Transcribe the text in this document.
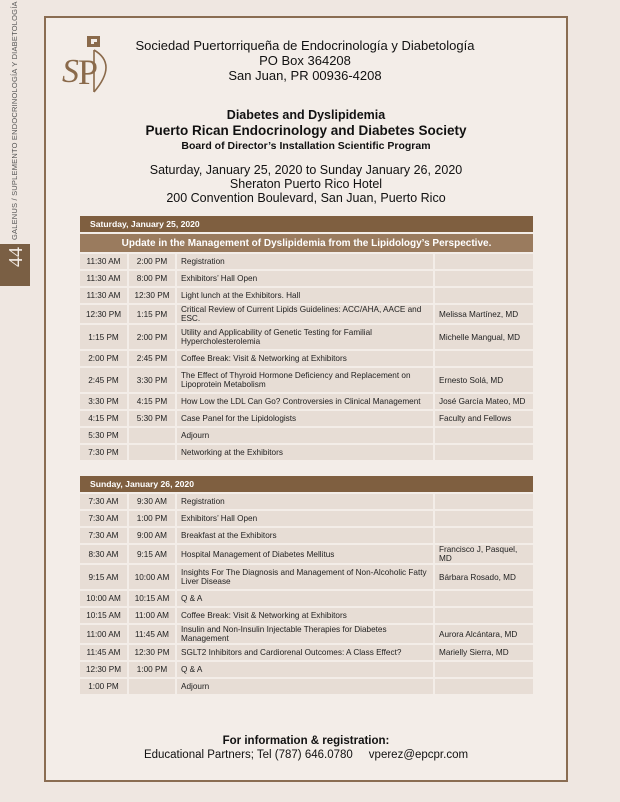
GALENUS / SUPLEMENTO ENDOCRINOLOGÍA Y DIABETOLOGÍA
44
S P
Sociedad Puertorriqueña de Endocrinología y Diabetología
PO Box 364208
San Juan, PR 00936-4208
Diabetes and Dyslipidemia
Puerto Rican Endocrinology and Diabetes Society
Board of Director’s Installation Scientific Program
Saturday, January 25, 2020 to Sunday January 26, 2020
Sheraton Puerto Rico Hotel
200 Convention Boulevard, San Juan, Puerto Rico
Saturday, January 25, 2020			
Update in the Management of Dyslipidemia from the Lipidology’s Perspective.			
11:30 AM	2:00 PM	Registration	
11:30 AM	8:00 PM	Exhibitors’ Hall Open	
11:30 AM	12:30 PM	Light lunch at the Exhibitors. Hall	
12:30 PM	1:15 PM	Critical Review of Current Lipids Guidelines: ACC/AHA, AACE and ESC.	Melissa Martínez, MD
1:15 PM	2:00 PM	Utility and Applicability of Genetic Testing for Familial Hypercholesterolemia	Michelle Mangual, MD
2:00 PM	2:45 PM	Coffee Break: Visit & Networking at Exhibitors	
2:45 PM	3:30 PM	The Effect of Thyroid Hormone Deficiency and Replacement on Lipoprotein Metabolism	Ernesto Solá, MD
3:30 PM	4:15 PM	How Low the LDL Can Go? Controversies in Clinical Management	José García Mateo, MD
4:15 PM	5:30 PM	Case Panel for the Lipidologists	Faculty and Fellows
5:30 PM		Adjourn	
7:30 PM		Networking at the Exhibitors	
Sunday, January 26, 2020			
7:30 AM	9:30 AM	Registration	
7:30 AM	1:00 PM	Exhibitors’ Hall Open	
7:30 AM	9:00 AM	Breakfast at the Exhibitors	
8:30 AM	9:15 AM	Hospital Management of Diabetes Mellitus	Francisco J, Pasquel, MD
9:15 AM	10:00 AM	Insights For The Diagnosis and Management of Non-Alcoholic Fatty Liver Disease	Bárbara Rosado, MD
10:00 AM	10:15 AM	Q & A	
10:15 AM	11:00 AM	Coffee Break: Visit & Networking at Exhibitors	
11:00 AM	11:45 AM	Insulin and Non-Insulin Injectable Therapies for Diabetes Management	Aurora Alcántara, MD
11:45 AM	12:30 PM	SGLT2 Inhibitors and Cardiorenal Outcomes: A Class Effect?	Marielly Sierra, MD
12:30 PM	1:00 PM	Q & A	
1:00 PM		Adjourn	
For information & registration:
Educational Partners; Tel (787) 646.0780 vperez@epcpr.com
